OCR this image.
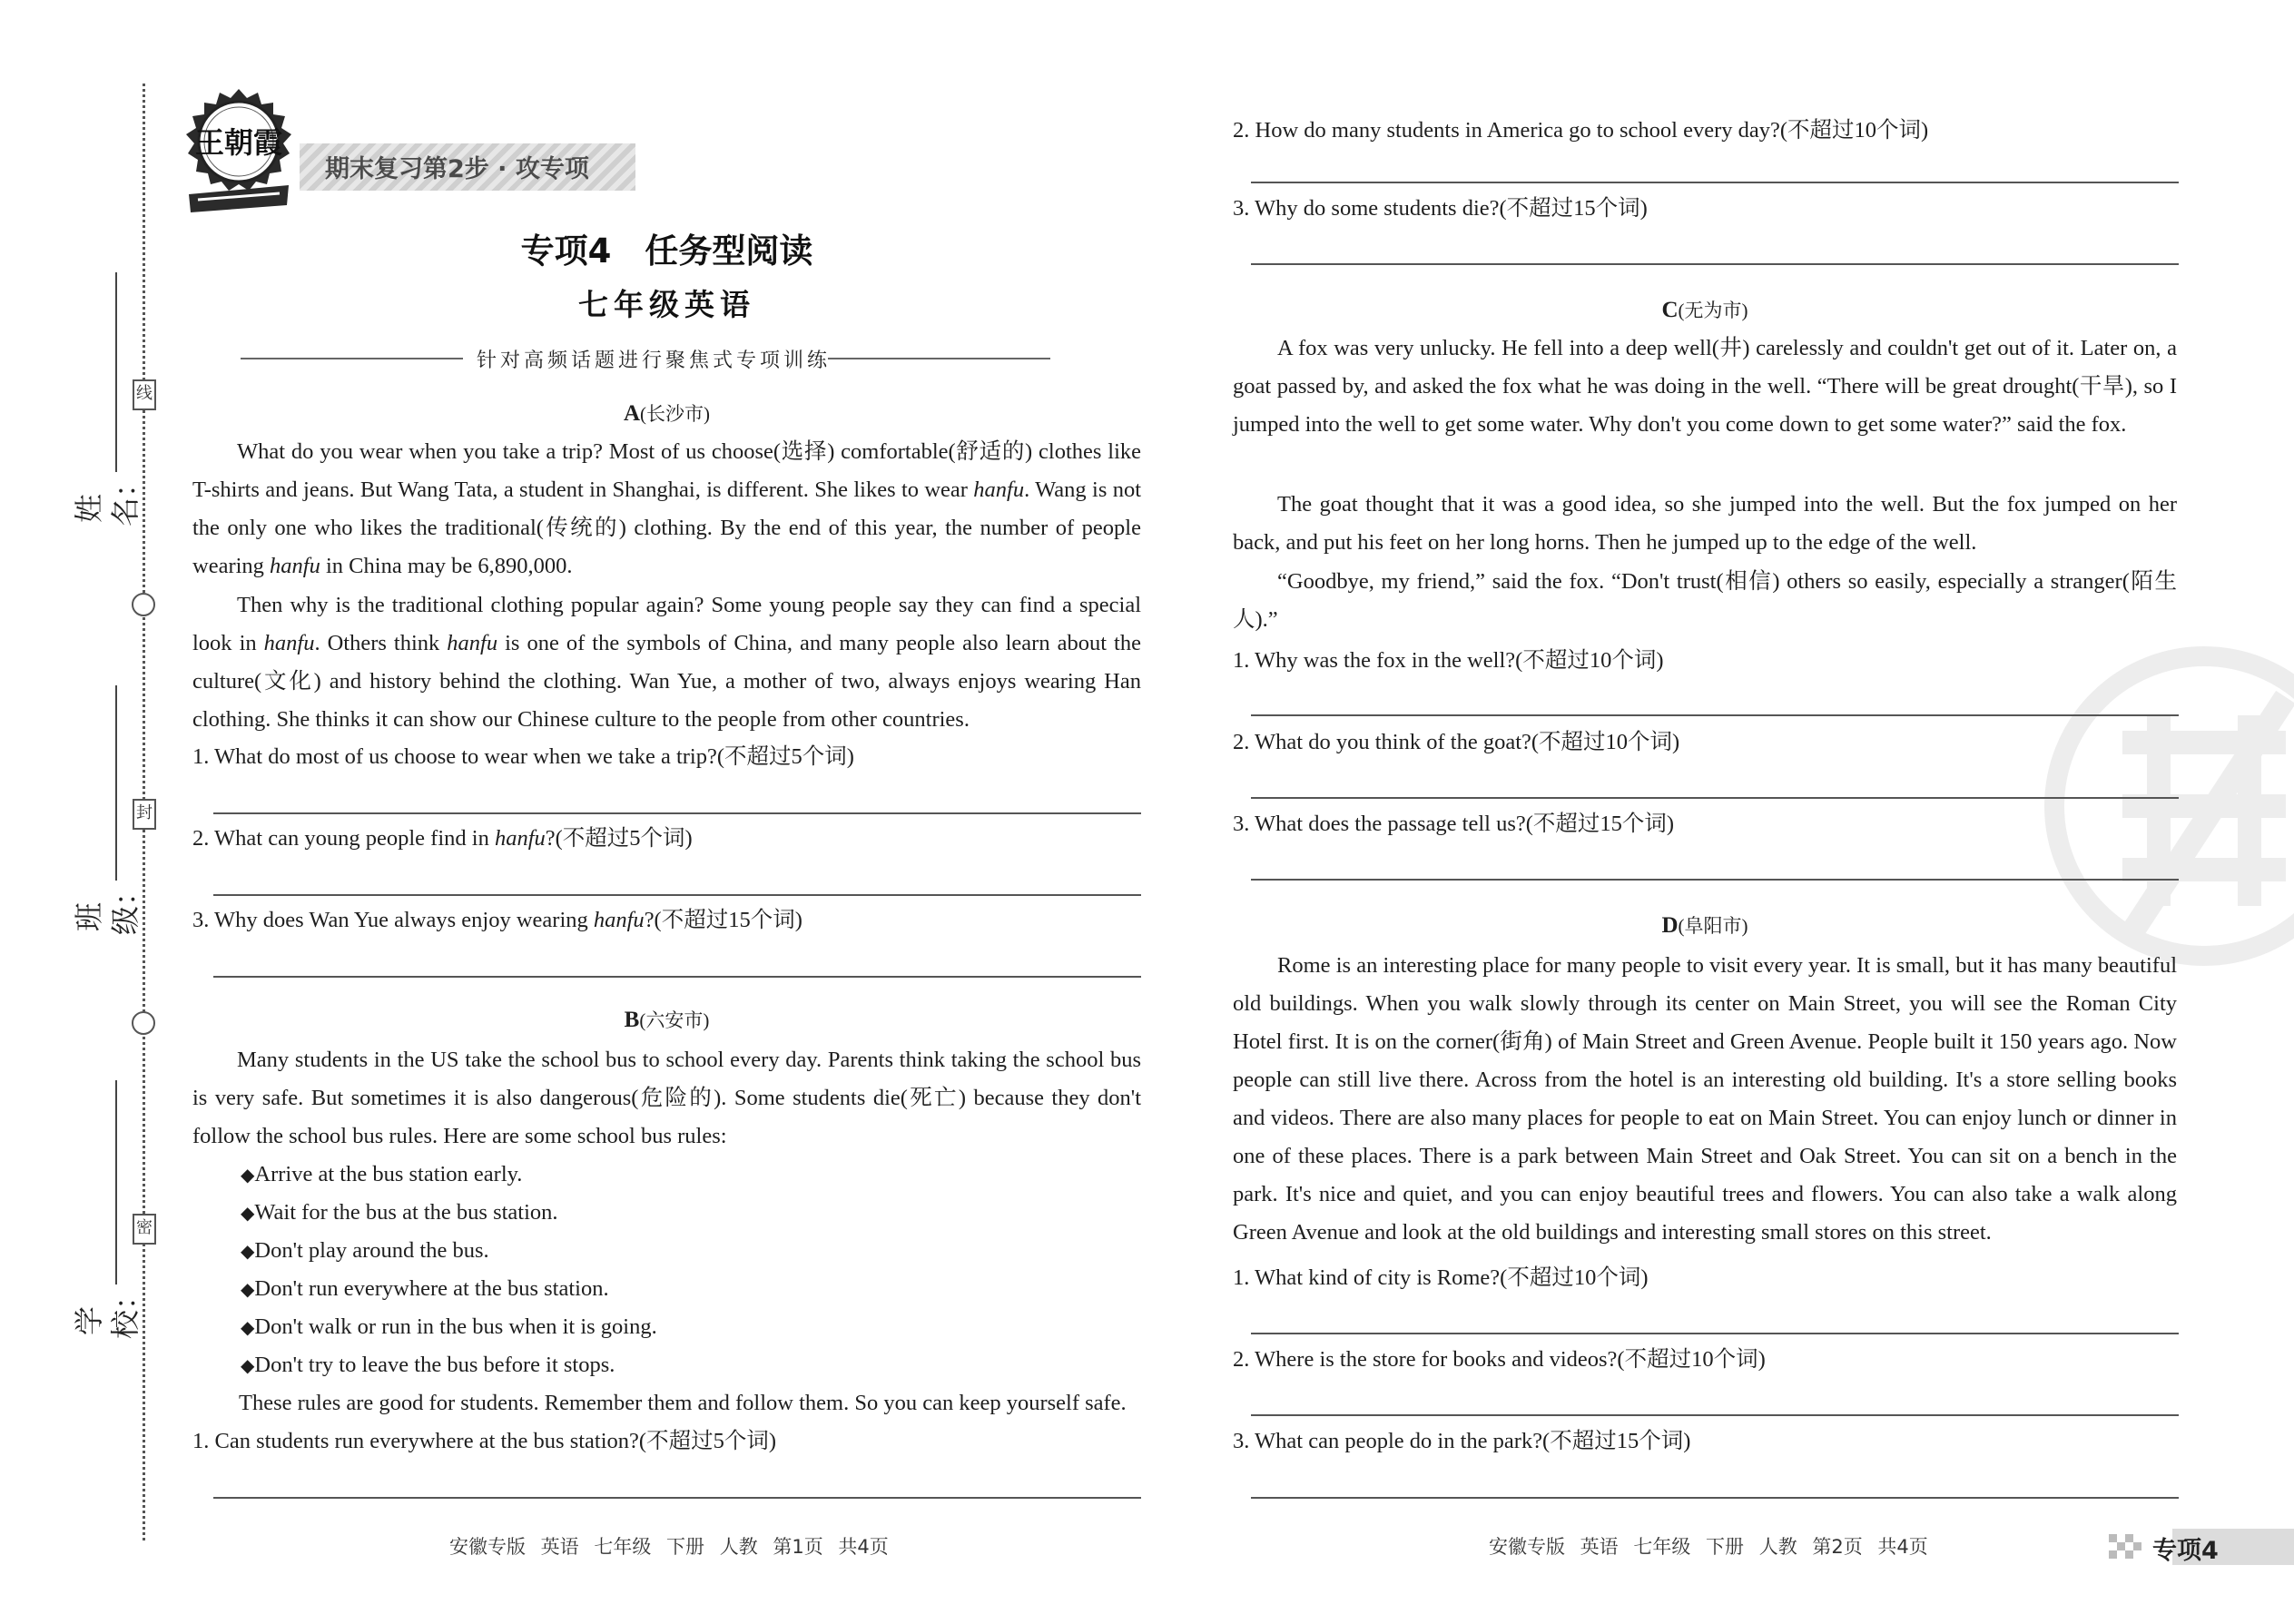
线
封
密
姓名：
班级：
学校：
王朝霞
期末复习第2步 · 攻专项
专项4　任务型阅读
七年级英语
针对高频话题进行聚焦式专项训练
A(长沙市)

What do you wear when you take a trip? Most of us choose(选择) comfortable(舒适的) clothes like T-shirts and jeans. But Wang Tata, a student in Shanghai, is different. She likes to wear hanfu. Wang is not the only one who likes the traditional(传统的) clothing. By the end of this year, the number of people wearing hanfu in China may be 6,890,000.

Then why is the traditional clothing popular again? Some young people say they can find a special look in hanfu. Others think hanfu is one of the symbols of China, and many people also learn about the culture(文化) and history behind the clothing. Wan Yue, a mother of two, always enjoys wearing Han clothing. She thinks it can show our Chinese culture to the people from other countries.

1. What do most of us choose to wear when we take a trip?(不超过5个词)
2. What can young people find in hanfu?(不超过5个词)
3. Why does Wan Yue always enjoy wearing hanfu?(不超过15个词)
B(六安市)

Many students in the US take the school bus to school every day. Parents think taking the school bus is very safe. But sometimes it is also dangerous(危险的). Some students die(死亡) because they don't follow the school bus rules. Here are some school bus rules:

◆Arrive at the bus station early.
◆Wait for the bus at the bus station.
◆Don't play around the bus.
◆Don't run everywhere at the bus station.
◆Don't walk or run in the bus when it is going.
◆Don't try to leave the bus before it stops.
These rules are good for students. Remember them and follow them. So you can keep yourself safe.
1. Can students run everywhere at the bus station?(不超过5个词)
安徽专版 英语 七年级 下册 人教 第1页 共4页
2. How do many students in America go to school every day?(不超过10个词)
3. Why do some students die?(不超过15个词)
C(无为市)

A fox was very unlucky. He fell into a deep well(井) carelessly and couldn't get out of it. Later on, a goat passed by, and asked the fox what he was doing in the well. “There will be great drought(干旱), so I jumped into the well to get some water. Why don't you come down to get some water?” said the fox.

The goat thought that it was a good idea, so she jumped into the well. But the fox jumped on her back, and put his feet on her long horns. Then he jumped up to the edge of the well.

“Goodbye, my friend,” said the fox. “Don't trust(相信) others so easily, especially a stranger(陌生人).”

1. Why was the fox in the well?(不超过10个词)
2. What do you think of the goat?(不超过10个词)
3. What does the passage tell us?(不超过15个词)
D(阜阳市)

Rome is an interesting place for many people to visit every year. It is small, but it has many beautiful old buildings. When you walk slowly through its center on Main Street, you will see the Roman City Hotel first. It is on the corner(街角) of Main Street and Green Avenue. People built it 150 years ago. Now people can still live there. Across from the hotel is an interesting old building. It's a store selling books and videos. There are also many places for people to eat on Main Street. You can enjoy lunch or dinner in one of these places. There is a park between Main Street and Oak Street. You can sit on a bench in the park. It's nice and quiet, and you can enjoy beautiful trees and flowers. You can also take a walk along Green Avenue and look at the old buildings and interesting small stores on this street.

1. What kind of city is Rome?(不超过10个词)
2. Where is the store for books and videos?(不超过10个词)
3. What can people do in the park?(不超过15个词)
安徽专版 英语 七年级 下册 人教 第2页 共4页	专项4
